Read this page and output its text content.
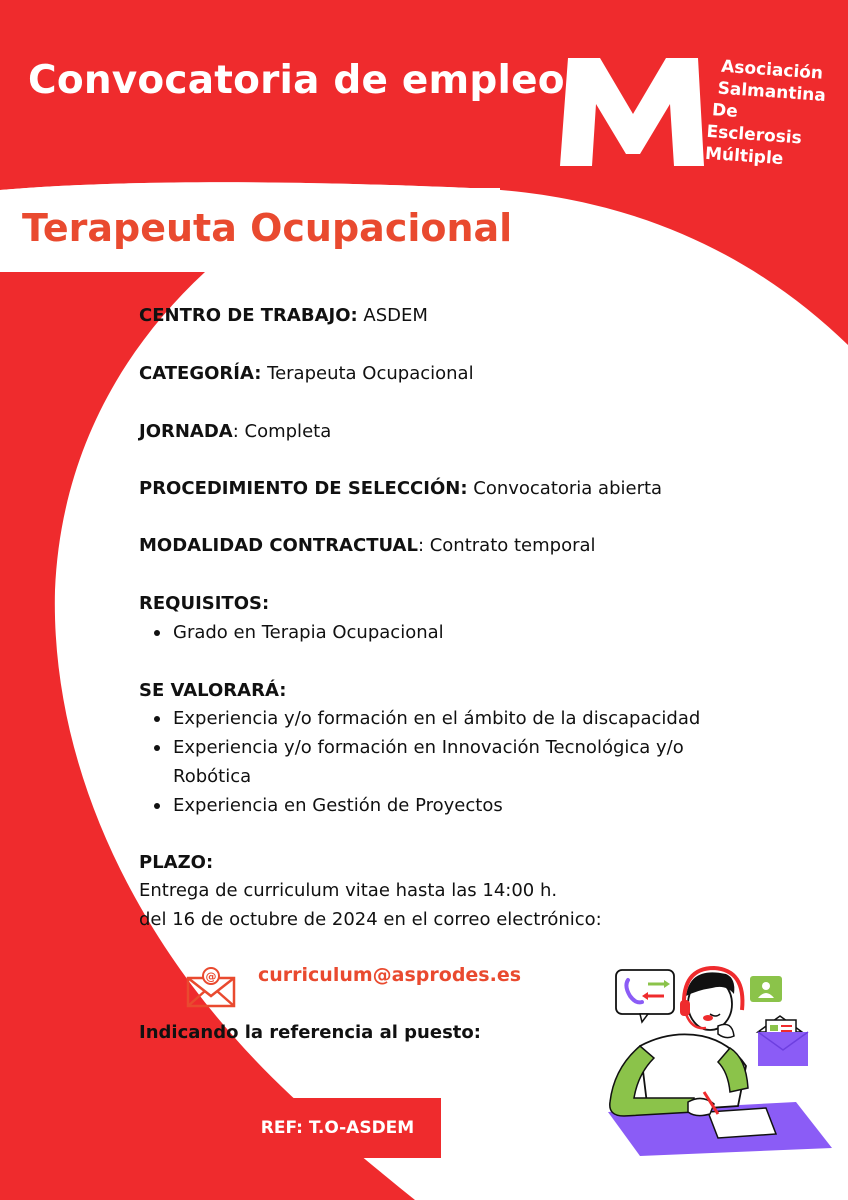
Convocatoria de empleo	Asociación
Salmantina
De
Esclerosis
Múltiple
Terapeuta Ocupacional
CENTRO DE TRABAJO: ASDEM
CATEGORÍA: Terapeuta Ocupacional
JORNADA: Completa
PROCEDIMIENTO DE SELECCIÓN: Convocatoria abierta
MODALIDAD CONTRACTUAL: Contrato temporal
REQUISITOS:
Grado en Terapia Ocupacional
SE VALORARÁ:
Experiencia y/o formación en el ámbito de la discapacidad
Experiencia y/o formación en Innovación Tecnológica y/o
Robótica
Experiencia en Gestión de Proyectos
PLAZO:
Entrega de curriculum vitae hasta las 14:00 h.
del 16 de octubre de 2024 en el correo electrónico:
@ curriculum@asprodes.es
Indicando la referencia al puesto:
REF: T.O-ASDEM
